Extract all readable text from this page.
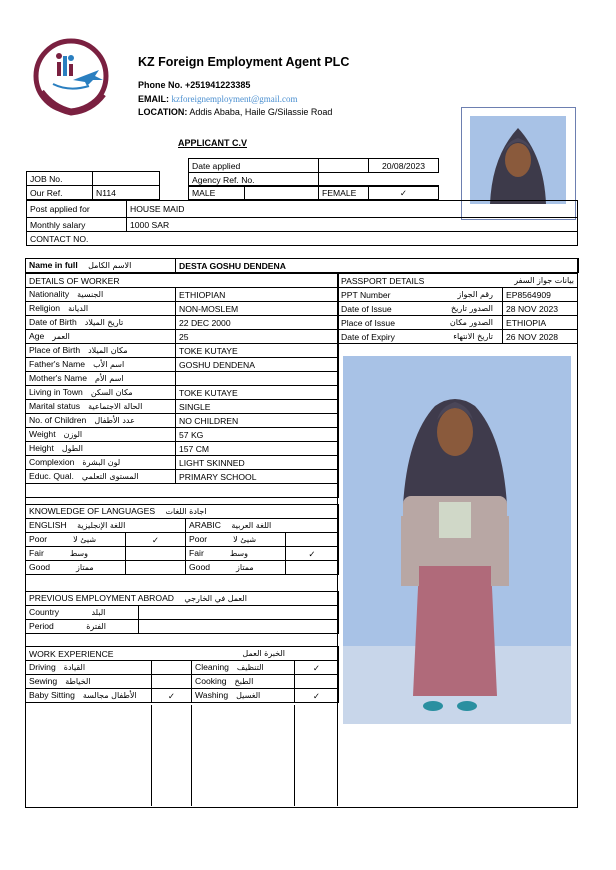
KZ Foreign Employment Agent PLC
Phone No. +251941223385
EMAIL: kzforeignemployment@gmail.com
LOCATION: Addis Ababa, Haile G/Silassie Road
APPLICANT C.V
Date applied		20/08/2023
Agency Ref. No.		
JOB No.	
Our Ref.	N114	MALE		FEMALE	✓
Post applied for	HOUSE MAID
Monthly salary	1000 SAR
CONTACT NO.	
Name in full الاسم الكامل	DESTA GOSHU DENDENA
DETAILS OF WORKER	
Nationality الجنسية	ETHIOPIAN
Religion الديانة	NON-MOSLEM
Date of Birth تاريخ الميلاد	22 DEC 2000
Age العمر	25
Place of Birth مكان الميلاد	TOKE KUTAYE
Father's Name اسم الأب	GOSHU DENDENA
Mother's Name اسم الأم	
Living in Town مكان السكن	TOKE KUTAYE
Marital status الحالة الاجتماعية	SINGLE
No. of Children عدد الأطفال	NO CHILDREN
Weight الوزن	57 KG
Height الطول	157 CM
Complexion لون البشرة	LIGHT SKINNED
Educ. Qual. المستوى التعلمي	PRIMARY SCHOOL

PASSPORT DETAILS بيانات جواز السفر	

PPT Number رقم الجواز	EP8564909
Date of Issue الصدور تاريخ	28 NOV 2023
Place of Issue الصدور مكان	ETHIOPIA
Date of Expiry تاريخ الانتهاء	26 NOV 2028
KNOWLEDGE OF LANGUAGES اجادة اللغات			
ENGLISH اللغة الإنجليزية		ARABIC اللغة العربية	
Poor شيئ لا	✓	Poor شيئ لا	
Fair وسط		Fair وسط	✓
Good ممتاز		Good ممتاز	
PREVIOUS EMPLOYMENT ABROAD العمل في الخارجي	
Country البلد	
Period الفترة	
WORK EXPERIENCE الخبرة العمل			

Driving القيادة		Cleaning التنظيف	✓
Sewing الخياطة		Cooking الطبخ	
Baby Sitting الأطفال مجالسة	✓	Washing الغسيل	✓
